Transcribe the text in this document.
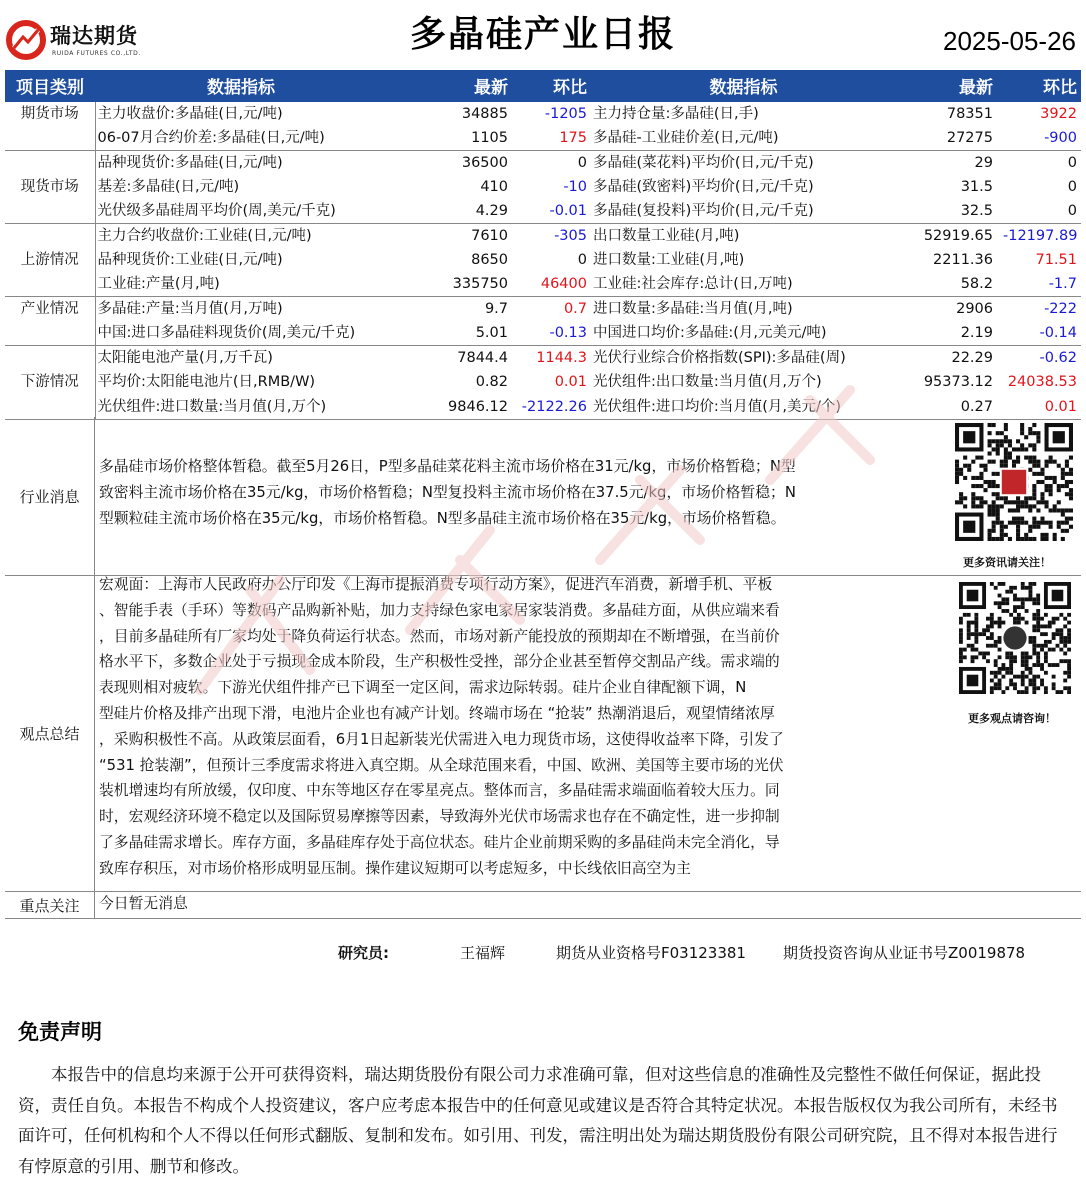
瑞达期货
RUIDA FUTURES CO.,LTD.	多晶硅产业日报	2025-05-26
项目类别	数据指标	最新	环比	数据指标	最新	环比
期货市场	主力收盘价:多晶硅(日,元/吨)	34885	-1205	主力持仓量:多晶硅(日,手)	78351	3922
	06-07月合约价差:多晶硅(日,元/吨)	1105	175	多晶硅-工业硅价差(日,元/吨)	27275	-900
	品种现货价:多晶硅(日,元/吨)	36500	0	多晶硅(菜花料)平均价(日,元/千克)	29	0
现货市场	基差:多晶硅(日,元/吨)	410	-10	多晶硅(致密料)平均价(日,元/千克)	31.5	0
	光伏级多晶硅周平均价(周,美元/千克)	4.29	-0.01	多晶硅(复投料)平均价(日,元/千克)	32.5	0
	主力合约收盘价:工业硅(日,元/吨)	7610	-305	出口数量工业硅(月,吨)	52919.65	-12197.89
上游情况	品种现货价:工业硅(日,元/吨)	8650	0	进口数量:工业硅(月,吨)	2211.36	71.51
	工业硅:产量(月,吨)	335750	46400	工业硅:社会库存:总计(日,万吨)	58.2	-1.7
产业情况	多晶硅:产量:当月值(月,万吨)	9.7	0.7	进口数量:多晶硅:当月值(月,吨)	2906	-222
	中国:进口多晶硅料现货价(周,美元/千克)	5.01	-0.13	中国进口均价:多晶硅:(月,元美元/吨)	2.19	-0.14
	太阳能电池产量(月,万千瓦)	7844.4	1144.3	光伏行业综合价格指数(SPI):多晶硅(周)	22.29	-0.62
下游情况	平均价:太阳能电池片(日,RMB/W)	0.82	0.01	光伏组件:出口数量:当月值(月,万个)	95373.12	24038.53
	光伏组件:进口数量:当月值(月,万个)	9846.12	-2122.26	光伏组件:进口均价:当月值(月,美元/个)	0.27	0.01
行业消息
多晶硅市场价格整体暂稳。截至5月26日，P型多晶硅菜花料主流市场价格在31元/kg，市场价格暂稳；N型
致密料主流市场价格在35元/kg，市场价格暂稳；N型复投料主流市场价格在37.5元/kg，市场价格暂稳；N
型颗粒硅主流市场价格在35元/kg，市场价格暂稳。N型多晶硅主流市场价格在35元/kg，市场价格暂稳。
更多资讯请关注！
观点总结
宏观面：上海市人民政府办公厅印发《上海市提振消费专项行动方案》，促进汽车消费，新增手机、平板
、智能手表（手环）等数码产品购新补贴，加力支持绿色家电家居家装消费。多晶硅方面，从供应端来看
，目前多晶硅所有厂家均处于降负荷运行状态。然而，市场对新产能投放的预期却在不断增强，在当前价
格水平下，多数企业处于亏损现金成本阶段，生产积极性受挫，部分企业甚至暂停交割品产线。需求端的
表现则相对疲软。下游光伏组件排产已下调至一定区间，需求边际转弱。硅片企业自律配额下调，N
型硅片价格及排产出现下滑，电池片企业也有减产计划。终端市场在 “抢装” 热潮消退后，观望情绪浓厚
，采购积极性不高。从政策层面看，6月1日起新装光伏需进入电力现货市场，这使得收益率下降，引发了
“531 抢装潮”，但预计三季度需求将进入真空期。从全球范围来看，中国、欧洲、美国等主要市场的光伏
装机增速均有所放缓，仅印度、中东等地区存在零星亮点。整体而言，多晶硅需求端面临着较大压力。同
时，宏观经济环境不稳定以及国际贸易摩擦等因素，导致海外光伏市场需求也存在不确定性，进一步抑制
了多晶硅需求增长。库存方面，多晶硅库存处于高位状态。硅片企业前期采购的多晶硅尚未完全消化，导
致库存积压，对市场价格形成明显压制。操作建议短期可以考虑短多，中长线依旧高空为主
更多观点请咨询！
重点关注	今日暂无消息
研究员:	王福辉	期货从业资格号F03123381 期货投资咨询从业证书号Z0019878
免责声明
本报告中的信息均来源于公开可获得资料，瑞达期货股份有限公司力求准确可靠，但对这些信息的准确性及完整性不做任何保证，据此投资，责任自负。本报告不构成个人投资建议，客户应考虑本报告中的任何意见或建议是否符合其特定状况。本报告版权仅为我公司所有，未经书面许可，任何机构和个人不得以任何形式翻版、复制和发布。如引用、刊发，需注明出处为瑞达期货股份有限公司研究院，且不得对本报告进行有悖原意的引用、删节和修改。
